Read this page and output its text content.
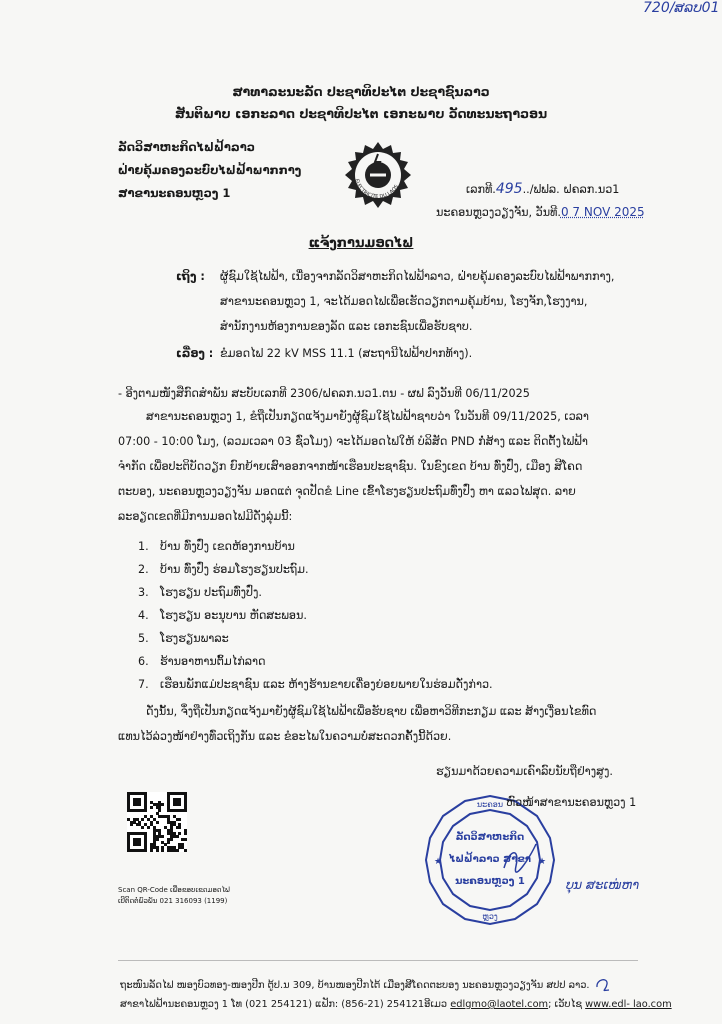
720/ສລບ01
ສາທາລະນະລັດ ປະຊາທິປະໄຕ ປະຊາຊົນລາວ
ສັນຕິພາບ ເອກະລາດ ປະຊາທິປະໄຕ ເອກະພາບ ວັດທະນະຖາວອນ
ລັດວິສາຫະກິດໄຟຟ້າລາວ
ຝ່າຍຄຸ້ມຄອງລະບົບໄຟຟ້າພາກກາງ
ສາຂານະຄອນຫຼວງ 1
ELECTRICITE DU LAOS	ເລກທີ.495../ຟຟລ. ຝຄລກ.ນວ1
ນະຄອນຫຼວງວຽງຈັນ, ວັນທີ.0 7 NOV 2025
ແຈ້ງການມອດໄຟ
ເຖິງ : ຜູ້ຊົມໃຊ້ໄຟຟ້າ, ເນື່ອງຈາກລັດວິສາຫະກິດໄຟຟ້າລາວ, ຝ່າຍຄຸ້ມຄອງລະບົບໄຟຟ້າພາກກາງ,
ສາຂານະຄອນຫຼວງ 1, ຈະໄດ້ມອດໄຟເພື່ອເຮັດວຽກຕາມຄຸ້ມບ້ານ, ໂຮງຈັກ,ໂຮງງານ,
ສຳນັກງານຫ້ອງການຂອງລັດ ແລະ ເອກະຊົນເພື່ອຮັບຊາບ.
ເລື່ອງ : ຂໍມອດໄຟ 22 kV MSS 11.1 (ສະຖານີໄຟຟ້າປາກທ້າງ).
- ອີງຕາມໜັງສືກົດສຳພັນ ສະບັບເລກທີ 2306/ຝຄລກ.ນວ1.ຕນ - ຜຟ ລົງວັນທີ 06/11/2025
ສາຂານະຄອນຫຼວງ 1, ຂໍຖືເປັນກຽດແຈ້ງມາຍັງຜູ້ຊົມໃຊ້ໄຟຟ້າຊາບວ່າ ໃນວັນທີ 09/11/2025, ເວລາ
07:00 - 10:00 ໂມງ, (ລວມເວລາ 03 ຊົ່ວໂມງ) ຈະໄດ້ມອດໄຟໃຫ້ ບໍລິສັດ PND ກໍ່ສ້າງ ແລະ ຕິດຕັ້ງໄຟຟ້າ
ຈຳກັດ ເພື່ອປະຕິບັດວຽກ ຍົກຍ້າຍເສົາອອກຈາກໜ້າເຮືອນປະຊາຊົນ. ໃນຂົງເຂດ ບ້ານ ທົ່ງປົ່ງ, ເມືອງ ສີໂຄດ
ຕະບອງ, ນະຄອນຫຼວງວຽງຈັນ ມອດແຕ່ ຈຸດປັດຂໍ Line ເຂົ້າໂຮງຮຽນປະຖົມທົ່ງປົ່ງ ຫາ ແລວໄຟສຸດ. ລາຍ
ລະອຽດເຂດທີ່ມີການມອດໄຟມີດັ່ງລຸ່ມນີ້:
1. ບ້ານ ທົ່ງປົ່ງ ເຂດຫ້ອງການບ້ານ
2. ບ້ານ ທົ່ງປົ່ງ ຮ່ອມໂຮງຮຽນປະຖົມ.
3. ໂຮງຮຽນ ປະຖົມທົ່ງປົ່ງ.
4. ໂຮງຮຽນ ອະນຸບານ ຫັດສະພອນ.
5. ໂຮງຮຽນພາລະ
6. ຮ້ານອາຫານຕົ້ມໄກ່ລາດ
7. ເຮືອນພັກແມ່ປະຊາຊົນ ແລະ ຫ້າງຮ້ານຂາຍເຄື່ອງຍ່ອຍພາຍໃນຮ່ອມດັ່ງກ່າວ.
ດັ່ງນັ້ນ, ຈຶ່ງຖືເປັນກຽດແຈ້ງມາຍັງຜູ້ຊົມໃຊ້ໄຟຟ້າເພື່ອຮັບຊາບ ເພື່ອຫາວິທີກະກຽມ ແລະ ສ້າງເງື່ອນໄຂທົດ
ແທນໄວ້ລ່ວງໜ້າຢ່າງທົ່ວເຖິງກັນ ແລະ ຂໍອະໄພໃນຄວາມບໍ່ສະດວກຄັ້ງນີ້ດ້ວຍ.
ຮຽນມາດ້ວຍຄວາມເຄົາລົບນັບຖືຢ່າງສູງ.
Scan QR-Code ເພື່ອຂອບເຂດມອດໄຟ
ເບີຕິດຕໍ່ພົວພັນ 021 316093 (1199)
★	★
ນະຄອນ
ລັດວິສາຫະກິດ
ໄຟຟ້າລາວ ສາຂາ
ນະຄອນຫຼວງ 1
ຫຼວງ
ຫົວໜ້າສາຂານະຄອນຫຼວງ 1
ບຸນ ສະເໜ່ຫາ
ຖະໜົນລັດໄຟ ໜອງບົວທອງ-ໜອງປີກ ຕູ້ປ.ນ 309, ບ້ານໜອງປີກໄຕ້ ເມືອງສີໂຄດຕະບອງ ນະຄອນຫຼວງວຽງຈັນ ສປປ ລາວ.
ສາຂາໄຟຟ້ານະຄອນຫຼວງ 1 ໂທ (021 254121) ແຟັກ: (856-21) 254121ອີເມວ edlgmo@laotel.com; ເວັບໄຊ www.edl- lao.com
